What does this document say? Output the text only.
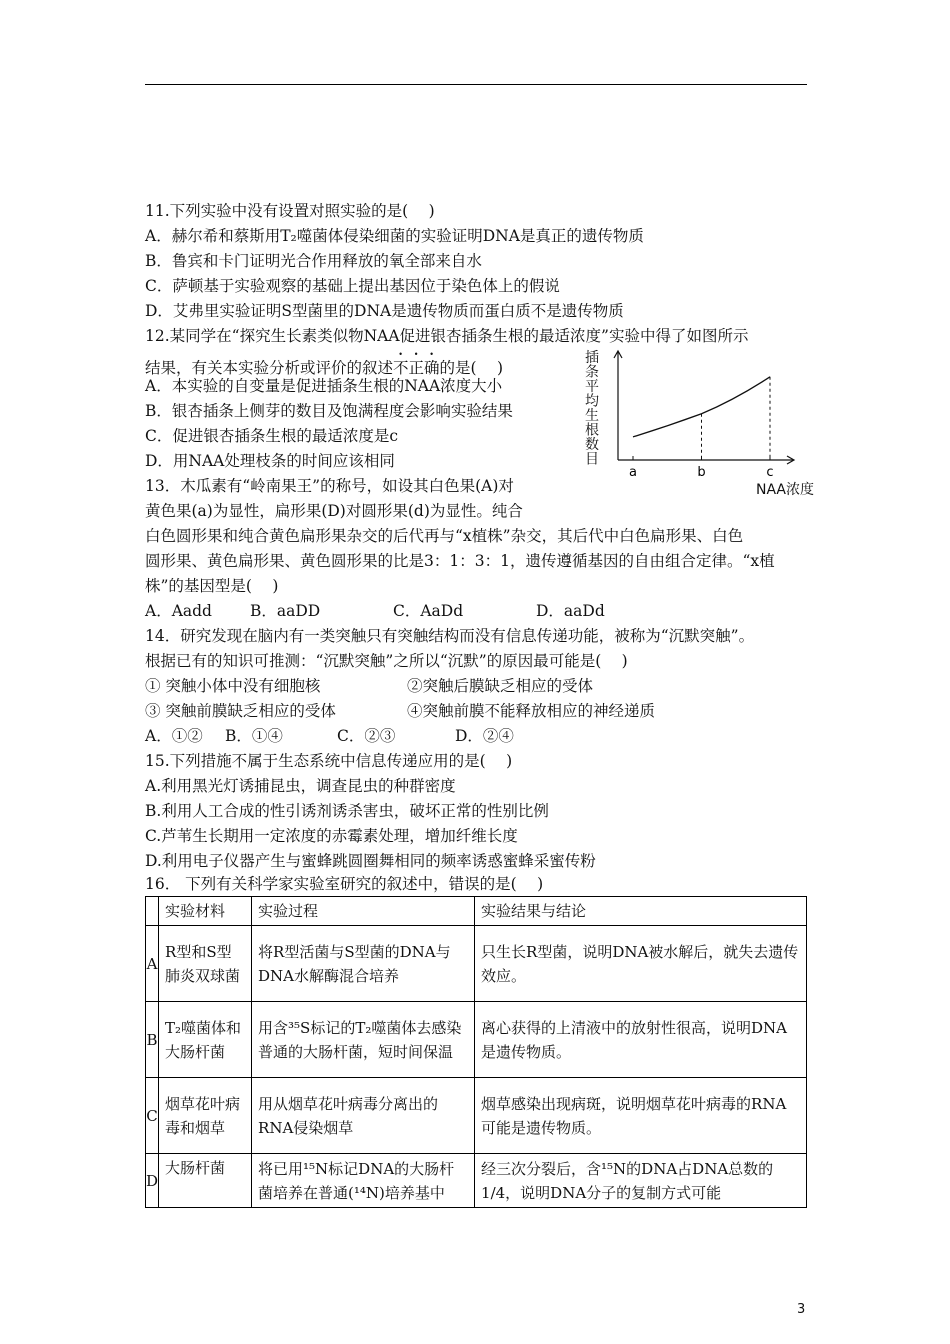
11.下列实验中没有设置对照实验的是(　 )
A．赫尔希和蔡斯用T₂噬菌体侵染细菌的实验证明DNA是真正的遗传物质
B．鲁宾和卡门证明光合作用释放的氧全部来自水
C．萨顿基于实验观察的基础上提出基因位于染色体上的假说
D．艾弗里实验证明S型菌里的DNA是遗传物质而蛋白质不是遗传物质
12.某同学在“探究生长素类似物NAA促进银杏插条生根的最适浓度”实验中得了如图所示
结果，有关本实验分析或评价的叙述不正确的是(　 )
A．本实验的自变量是促进插条生根的NAA浓度大小
B．银杏插条上侧芽的数目及饱满程度会影响实验结果
C．促进银杏插条生根的最适浓度是c
D．用NAA处理枝条的时间应该相同
插条平均生根数目
a	b	c
NAA浓度
13．木瓜素有“岭南果王”的称号，如设其白色果(A)对
黄色果(a)为显性，扁形果(D)对圆形果(d)为显性。纯合
白色圆形果和纯合黄色扁形果杂交的后代再与“x植株”杂交，其后代中白色扁形果、白色
圆形果、黄色扁形果、黄色圆形果的比是3：1：3：1，遗传遵循基因的自由组合定律。“x植
株”的基因型是(　 )
A．Aadd B．aaDD	C．AaDd	D．aaDd
14．研究发现在脑内有一类突触只有突触结构而没有信息传递功能，被称为“沉默突触”。
根据已有的知识可推测：“沉默突触”之所以“沉默”的原因最可能是(　 )
① 突触小体中没有细胞核	②突触后膜缺乏相应的受体
③ 突触前膜缺乏相应的受体	④突触前膜不能释放相应的神经递质
A．①② B．①④	C．②③	D．②④
15.下列措施不属于生态系统中信息传递应用的是(　 )
A.利用黑光灯诱捕昆虫，调查昆虫的种群密度
B.利用人工合成的性引诱剂诱杀害虫，破坏正常的性别比例
C.芦苇生长期用一定浓度的赤霉素处理，增加纤维长度
D.利用电子仪器产生与蜜蜂跳圆圈舞相同的频率诱惑蜜蜂采蜜传粉
16． 下列有关科学家实验室研究的叙述中，错误的是(　 )
	实验材料	实验过程	实验结果与结论
A	R型和S型肺炎双球菌	将R型活菌与S型菌的DNA与DNA水解酶混合培养	只生长R型菌，说明DNA被水解后，就失去遗传效应。
B	T₂噬菌体和大肠杆菌	用含³⁵S标记的T₂噬菌体去感染普通的大肠杆菌，短时间保温	离心获得的上清液中的放射性很高，说明DNA是遗传物质。
C	烟草花叶病毒和烟草	用从烟草花叶病毒分离出的RNA侵染烟草	烟草感染出现病斑，说明烟草花叶病毒的RNA可能是遗传物质。
D	大肠杆菌	将已用¹⁵N标记DNA的大肠杆菌培养在普通(¹⁴N)培养基中	经三次分裂后，含¹⁵N的DNA占DNA总数的1/4，说明DNA分子的复制方式可能
3
